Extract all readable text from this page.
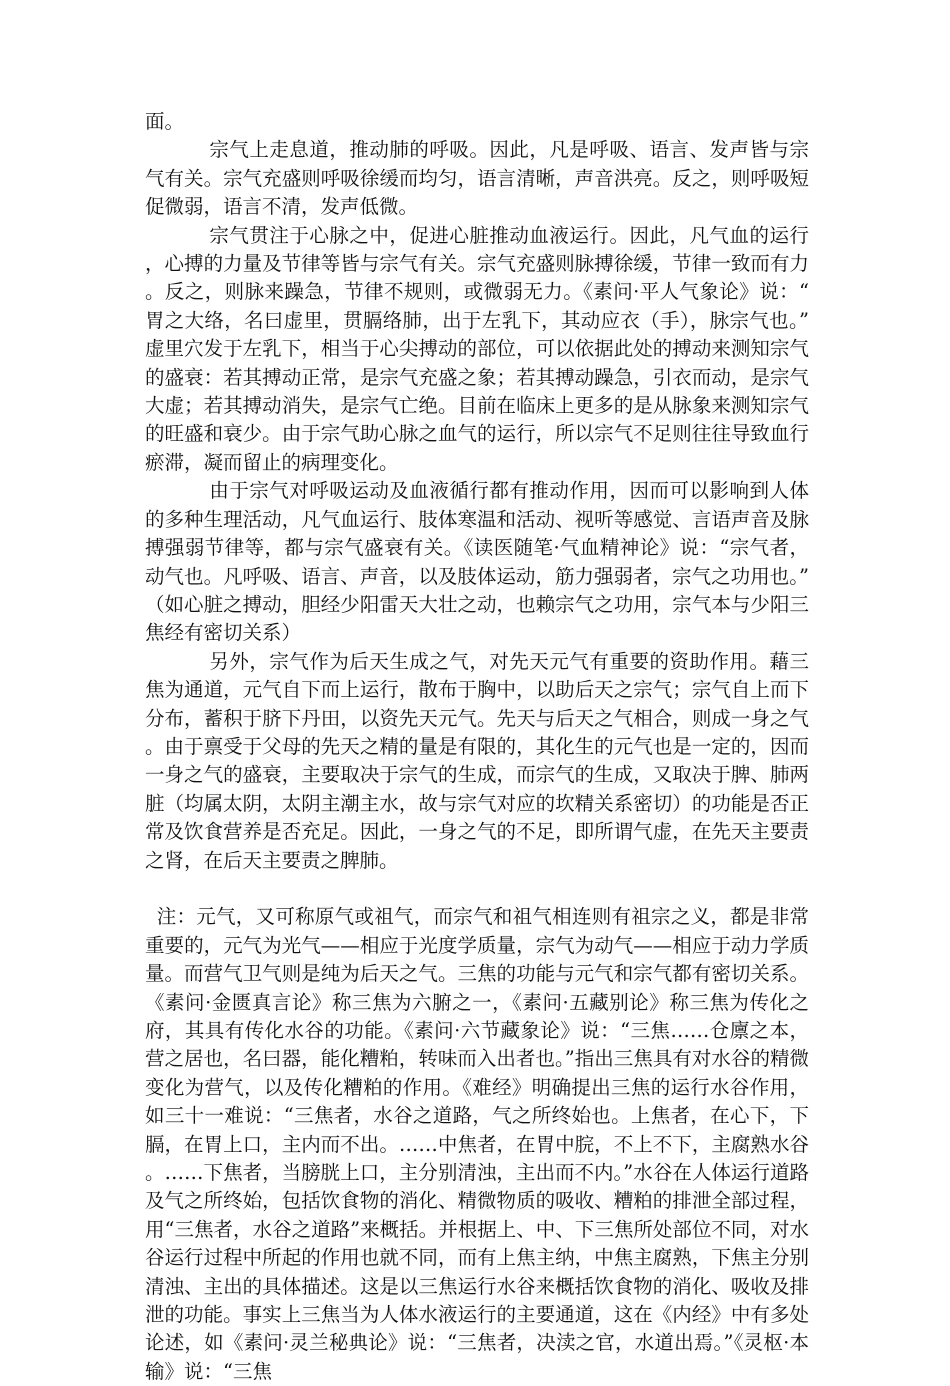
面。

宗气上走息道，推动肺的呼吸。因此，凡是呼吸、语言、发声皆与宗气有关。宗气充盛则呼吸徐缓而均匀，语言清晰，声音洪亮。反之，则呼吸短促微弱，语言不清，发声低微。

宗气贯注于心脉之中，促进心脏推动血液运行。因此，凡气血的运行，心搏的力量及节律等皆与宗气有关。宗气充盛则脉搏徐缓，节律一致而有力。反之，则脉来躁急，节律不规则，或微弱无力。《素问·平人气象论》说：“胃之大络，名曰虚里，贯膈络肺，出于左乳下，其动应衣（手），脉宗气也。”虚里穴发于左乳下，相当于心尖搏动的部位，可以依据此处的搏动来测知宗气的盛衰：若其搏动正常，是宗气充盛之象；若其搏动躁急，引衣而动，是宗气大虚；若其搏动消失，是宗气亡绝。目前在临床上更多的是从脉象来测知宗气的旺盛和衰少。由于宗气助心脉之血气的运行，所以宗气不足则往往导致血行瘀滞，凝而留止的病理变化。

由于宗气对呼吸运动及血液循行都有推动作用，因而可以影响到人体的多种生理活动，凡气血运行、肢体寒温和活动、视听等感觉、言语声音及脉搏强弱节律等，都与宗气盛衰有关。《读医随笔·气血精神论》说：“宗气者，动气也。凡呼吸、语言、声音，以及肢体运动，筋力强弱者，宗气之功用也。”（如心脏之搏动，胆经少阳雷天大壮之动，也赖宗气之功用，宗气本与少阳三焦经有密切关系）

另外，宗气作为后天生成之气，对先天元气有重要的资助作用。藉三焦为通道，元气自下而上运行，散布于胸中，以助后天之宗气；宗气自上而下分布，蓄积于脐下丹田，以资先天元气。先天与后天之气相合，则成一身之气。由于禀受于父母的先天之精的量是有限的，其化生的元气也是一定的，因而一身之气的盛衰，主要取决于宗气的生成，而宗气的生成，又取决于脾、肺两脏（均属太阴，太阴主潮主水，故与宗气对应的坎精关系密切）的功能是否正常及饮食营养是否充足。因此，一身之气的不足，即所谓气虚，在先天主要责之肾，在后天主要责之脾肺。

注：元气，又可称原气或祖气，而宗气和祖气相连则有祖宗之义，都是非常重要的，元气为光气——相应于光度学质量，宗气为动气——相应于动力学质量。而营气卫气则是纯为后天之气。三焦的功能与元气和宗气都有密切关系。《素问·金匮真言论》称三焦为六腑之一，《素问·五藏别论》称三焦为传化之府，其具有传化水谷的功能。《素问·六节藏象论》说：“三焦……仓廪之本，营之居也，名曰器，能化糟粕，转味而入出者也。”指出三焦具有对水谷的精微变化为营气，以及传化糟粕的作用。《难经》明确提出三焦的运行水谷作用，如三十一难说：“三焦者，水谷之道路，气之所终始也。上焦者，在心下，下膈，在胃上口，主内而不出。……中焦者，在胃中脘，不上不下，主腐熟水谷。……下焦者，当膀胱上口，主分别清浊，主出而不内。”水谷在人体运行道路及气之所终始，包括饮食物的消化、精微物质的吸收、糟粕的排泄全部过程，用“三焦者，水谷之道路”来概括。并根据上、中、下三焦所处部位不同，对水谷运行过程中所起的作用也就不同，而有上焦主纳，中焦主腐熟，下焦主分别清浊、主出的具体描述。这是以三焦运行水谷来概括饮食物的消化、吸收及排泄的功能。事实上三焦当为人体水液运行的主要通道，这在《内经》中有多处论述，如《素问·灵兰秘典论》说：“三焦者，决渎之官，水道出焉。”《灵枢·本输》说：“三焦
